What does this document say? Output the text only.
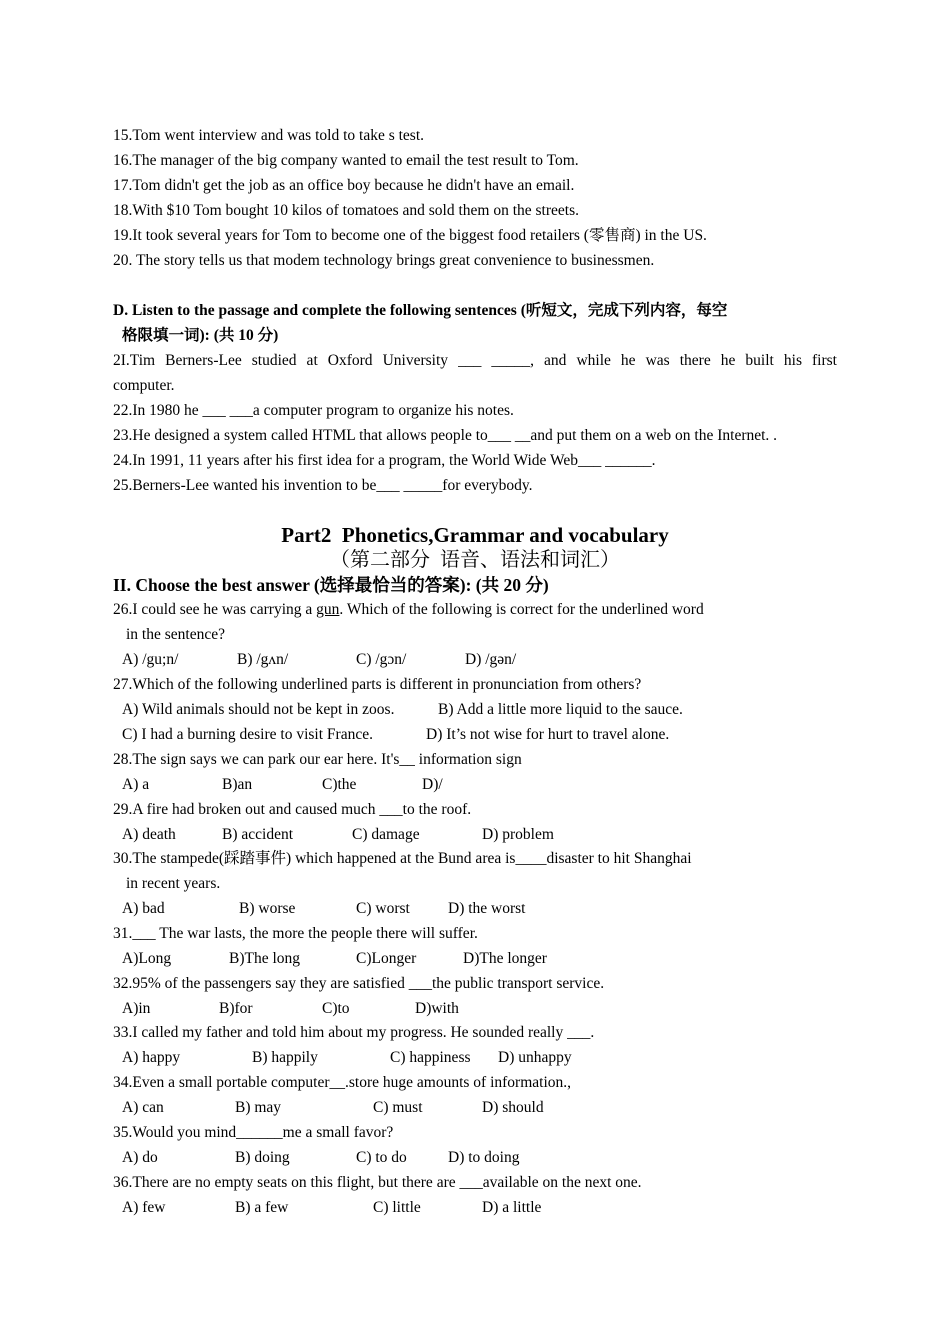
15.Tom went interview and was told to take s test.
16.The manager of the big company wanted to email the test result to Tom.
17.Tom didn't get the job as an office boy because he didn't have an email.
18.With $10 Tom bought 10 kilos of tomatoes and sold them on the streets.
19.It took several years for Tom to become one of the biggest food retailers (零售商) in the US.
20. The story tells us that modem technology brings great convenience to businessmen.
D. Listen to the passage and complete the following sentences (听短文，完成下列内容，每空
格限填一词): (共 10 分)
2I.Tim Berners-Lee studied at Oxford University ___ _____, and while he was there he built his first
computer.
22.In 1980 he ___ ___a computer program to organize his notes.
23.He designed a system called HTML that allows people to___ __and put them on a web on the Internet. .
24.In 1991, 11 years after his first idea for a program, the World Wide Web___ ______.
25.Berners-Lee wanted his invention to be___ _____for everybody.
Part2  Phonetics,Grammar and vocabulary
（第二部分  语音、语法和词汇）
II. Choose the best answer (选择最恰当的答案): (共 20 分)
26.I could see he was carrying a gun. Which of the following is correct for the underlined word
in the sentence?
A) /gu;n/	B) /gʌn/	C) /gɔn/	D) /gən/
27.Which of the following underlined parts is different in pronunciation from others?
A) Wild animals should not be kept in zoos.	B) Add a little more liquid to the sauce.
C) I had a burning desire to visit France.	D) It’s not wise for hurt to travel alone.
28.The sign says we can park our ear here. It's__ information sign
A) a	B)an	C)the	D)/
29.A fire had broken out and caused much ___to the roof.
A) death	B) accident	C) damage	D) problem
30.The stampede(踩踏事件) which happened at the Bund area is____disaster to hit Shanghai
in recent years.
A) bad	B) worse	C) worst D) the worst
31.___ The war lasts, the more the people there will suffer.
A)Long	B)The long	C)Longer	D)The longer
32.95% of the passengers say they are satisfied ___the public transport service.
A)in	B)for	C)to	D)with
33.I called my father and told him about my progress. He sounded really ___.
A) happy	B) happily	C) happiness D) unhappy
34.Even a small portable computer__.store huge amounts of information.,
A) can	B) may	C) must	D) should
35.Would you mind______me a small favor?
A) do	B) doing	C) to do	D) to doing
36.There are no empty seats on this flight, but there are ___available on the next one.
A) few	B) a few	C) little	D) a little
